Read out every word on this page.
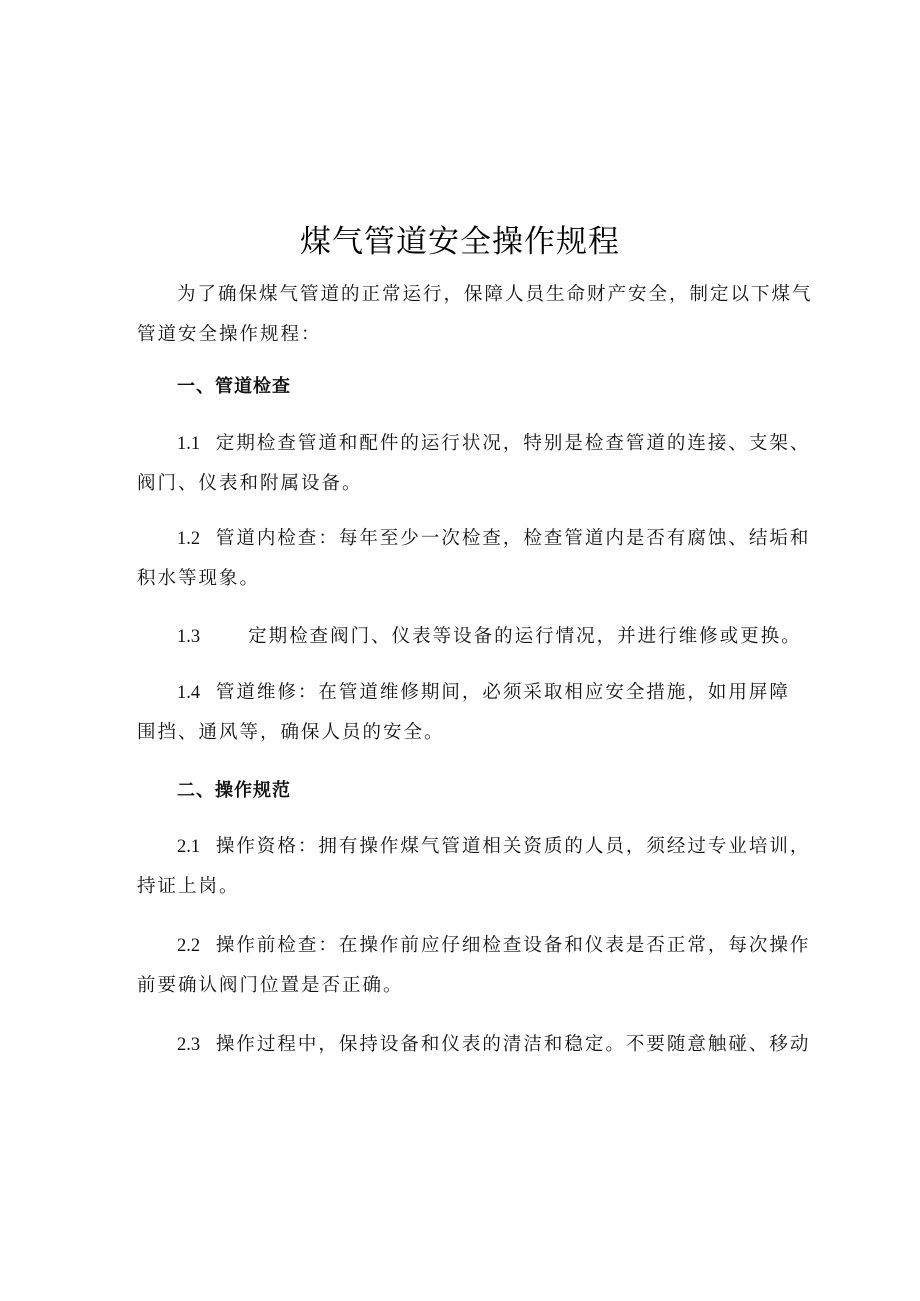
煤气管道安全操作规程

为了确保煤气管道的正常运行，保障人员生命财产安全，制定以下煤气
管道安全操作规程：

一、管道检查

1.1 定期检查管道和配件的运行状况，特别是检查管道的连接、支架、
阀门、仪表和附属设备。

1.2 管道内检查：每年至少一次检查，检查管道内是否有腐蚀、结垢和
积水等现象。

1.3	定期检查阀门、仪表等设备的运行情况，并进行维修或更换。

1.4 管道维修：在管道维修期间，必须采取相应安全措施，如用屏障
围挡、通风等，确保人员的安全。

二、操作规范

2.1 操作资格：拥有操作煤气管道相关资质的人员，须经过专业培训，
持证上岗。

2.2 操作前检查：在操作前应仔细检查设备和仪表是否正常，每次操作
前要确认阀门位置是否正确。

2.3 操作过程中，保持设备和仪表的清洁和稳定。不要随意触碰、移动
